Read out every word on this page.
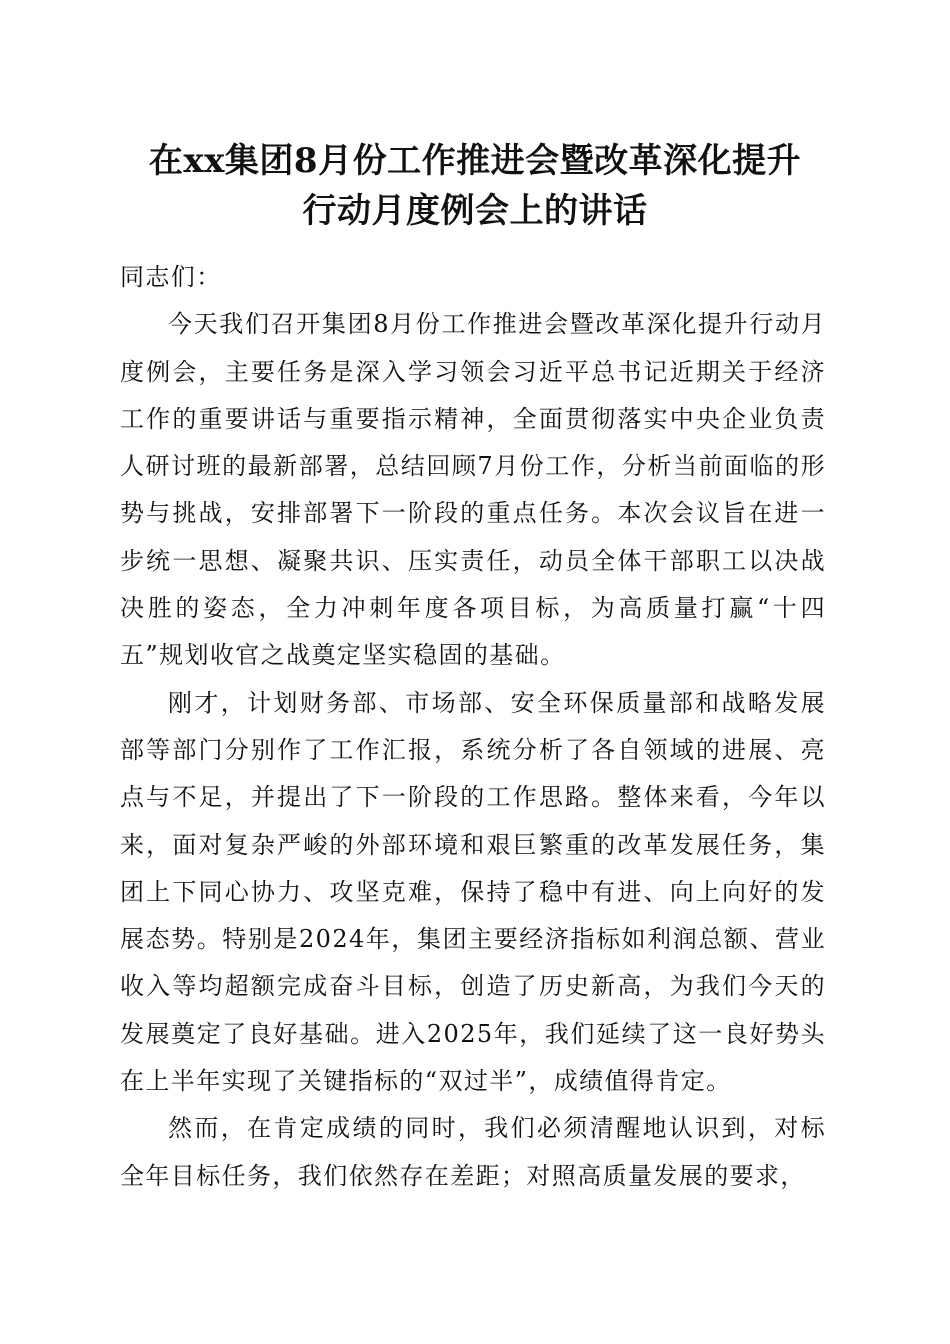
在xx集团8月份工作推进会暨改革深化提升
行动月度例会上的讲话

同志们：

今天我们召开集团8月份工作推进会暨改革深化提升行动月度例会，主要任务是深入学习领会习近平总书记近期关于经济工作的重要讲话与重要指示精神，全面贯彻落实中央企业负责人研讨班的最新部署，总结回顾7月份工作，分析当前面临的形势与挑战，安排部署下一阶段的重点任务。本次会议旨在进一步统一思想、凝聚共识、压实责任，动员全体干部职工以决战决胜的姿态，全力冲刺年度各项目标，为高质量打赢“十四五”规划收官之战奠定坚实稳固的基础。

刚才，计划财务部、市场部、安全环保质量部和战略发展部等部门分别作了工作汇报，系统分析了各自领域的进展、亮点与不足，并提出了下一阶段的工作思路。整体来看，今年以来，面对复杂严峻的外部环境和艰巨繁重的改革发展任务，集团上下同心协力、攻坚克难，保持了稳中有进、向上向好的发展态势。特别是2024年，集团主要经济指标如利润总额、营业收入等均超额完成奋斗目标，创造了历史新高，为我们今天的发展奠定了良好基础。进入2025年，我们延续了这一良好势头在上半年实现了关键指标的“双过半”，成绩值得肯定。

然而，在肯定成绩的同时，我们必须清醒地认识到，对标全年目标任务，我们依然存在差距；对照高质量发展的要求，
